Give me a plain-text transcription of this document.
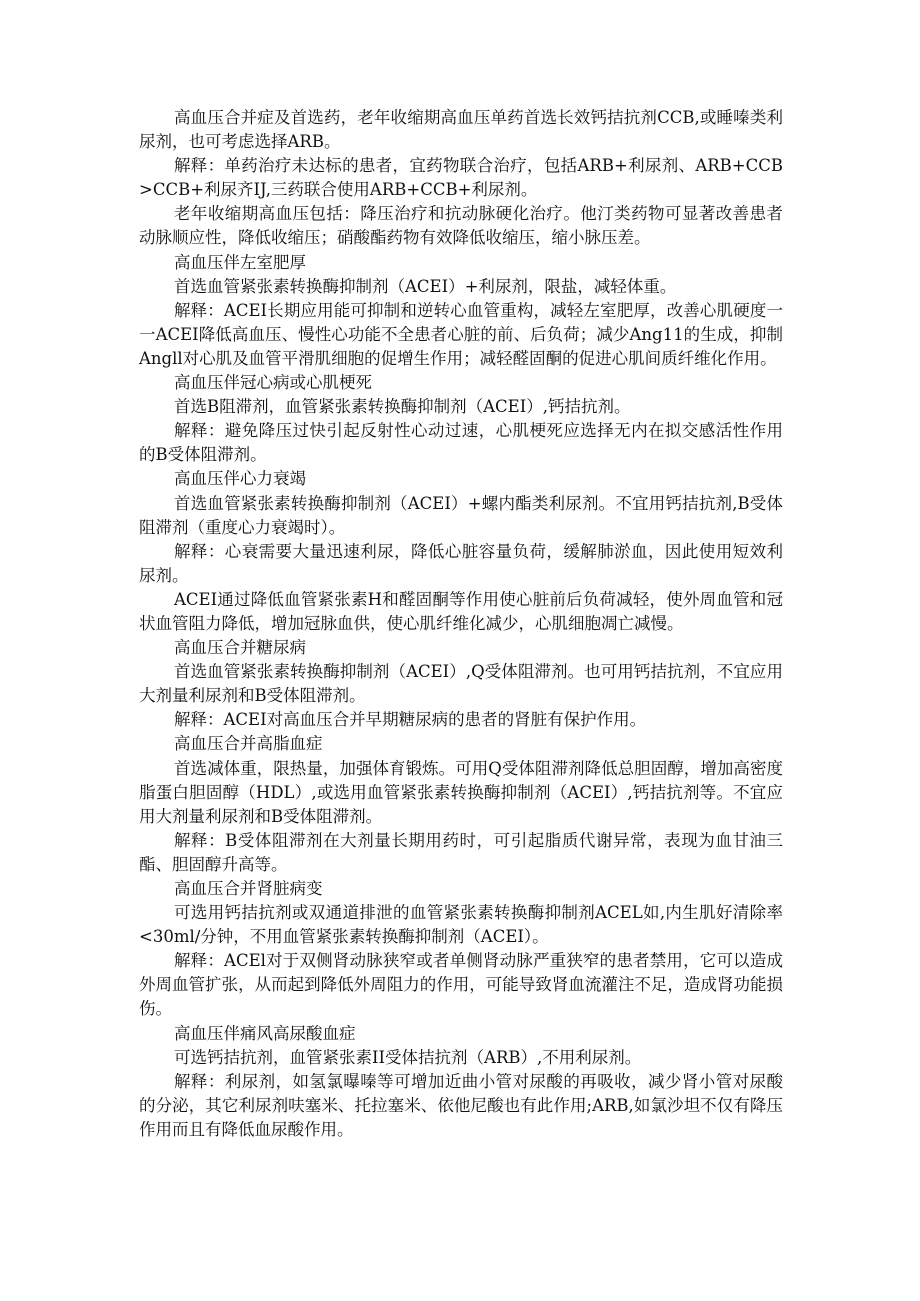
高血压合并症及首选药，老年收缩期高血压单药首选长效钙拮抗剂CCB,或睡嗪类利尿剂，也可考虑选择ARB。

解释：单药治疗未达标的患者，宜药物联合治疗，包括ARB+利尿剂、ARB+CCB>CCB+利尿齐IJ,三药联合使用ARB+CCB+利尿剂。

老年收缩期高血压包括：降压治疗和抗动脉硬化治疗。他汀类药物可显著改善患者动脉顺应性，降低收缩压；硝酸酯药物有效降低收缩压，缩小脉压差。

高血压伴左室肥厚

首选血管紧张素转换酶抑制剂（ACEI）+利尿剂，限盐，减轻体重。

解释：ACEI长期应用能可抑制和逆转心血管重构，减轻左室肥厚，改善心肌硬度一一ACEI降低高血压、慢性心功能不全患者心脏的前、后负荷；减少Ang11的生成，抑制Angll对心肌及血管平滑肌细胞的促增生作用；减轻醛固酮的促进心肌间质纤维化作用。

高血压伴冠心病或心肌梗死

首选B阻滞剂，血管紧张素转换酶抑制剂（ACEI）,钙拮抗剂。

解释：避免降压过快引起反射性心动过速，心肌梗死应选择无内在拟交感活性作用的B受体阻滞剂。

高血压伴心力衰竭

首选血管紧张素转换酶抑制剂（ACEI）+螺内酯类利尿剂。不宜用钙拮抗剂,B受体阻滞剂（重度心力衰竭时）。

解释：心衰需要大量迅速利尿，降低心脏容量负荷，缓解肺淤血，因此使用短效利尿剂。

ACEI通过降低血管紧张素H和醛固酮等作用使心脏前后负荷减轻，使外周血管和冠状血管阻力降低，增加冠脉血供，使心肌纤维化减少，心肌细胞凋亡减慢。

高血压合并糖尿病

首选血管紧张素转换酶抑制剂（ACEI）,Q受体阻滞剂。也可用钙拮抗剂，不宜应用大剂量利尿剂和B受体阻滞剂。

解释：ACEI对高血压合并早期糖尿病的患者的肾脏有保护作用。

高血压合并高脂血症

首选减体重，限热量，加强体育锻炼。可用Q受体阻滞剂降低总胆固醇，增加高密度脂蛋白胆固醇（HDL）,或选用血管紧张素转换酶抑制剂（ACEI）,钙拮抗剂等。不宜应用大剂量利尿剂和B受体阻滞剂。

解释：B受体阻滞剂在大剂量长期用药时，可引起脂质代谢异常，表现为血甘油三酯、胆固醇升高等。

高血压合并肾脏病变

可选用钙拮抗剂或双通道排泄的血管紧张素转换酶抑制剂ACEL如,内生肌好清除率<30ml∕分钟，不用血管紧张素转换酶抑制剂（ACEI）。

解释：ACEl对于双侧肾动脉狭窄或者单侧肾动脉严重狭窄的患者禁用，它可以造成外周血管扩张，从而起到降低外周阻力的作用，可能导致肾血流灌注不足，造成肾功能损伤。

高血压伴痛风高尿酸血症

可选钙拮抗剂，血管紧张素II受体拮抗剂（ARB）,不用利尿剂。

解释：利尿剂，如氢氯曝嗪等可增加近曲小管对尿酸的再吸收，减少肾小管对尿酸的分泌，其它利尿剂呋塞米、托拉塞米、依他尼酸也有此作用;ARB,如氯沙坦不仅有降压作用而且有降低血尿酸作用。
